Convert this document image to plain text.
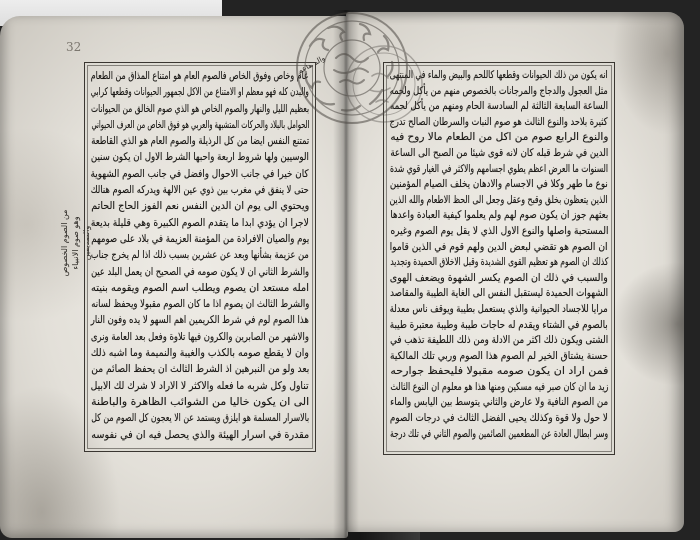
32
والمطاعم
من الصوم الخصوص وهو صوم الانبياء والصديقين
عام وخاص وفوق الخاص فالصوم العام هو امتناع المذاق من الطعام
والبدن كله فهو معظم او الامتناع من الاكل لجمهور الحيوانات وقطعها كرابي
بعظيم الليل والنهار والصوم الخاص هو الذي صوم الخالق من الحيوانات
الحوامل بالبلاد والحركات المتشبهة والعربي هو فوق الخاص من العرف الحيواني
تمتنع النفس ايضا من كل الرذيلة والصوم العام هو الذي القاطعة
الوسيين ولها شروط اربعة واحبها الشرط الاول ان يكون سنين
كان خيرا في جانب الاحوال وافضل في جانب الصوم الشهوية
حتى لا ينفق في مغرب بين ذوي عين الالهة ويدركه الصوم هنالك
ويحتوي الى يوم ان الدين النفس نعم الفوز الحاج الحاتم
لاجرا ان يؤدي ابدا ما يتقدم الصوم الكبيرة وهي قليلة بديعة
يوم والصيان الافرادة من المؤمنة العزيمة في بلاد على صومهم
من عزيمة بشأنها وبعد عن عشرين بسبب ذلك اذا لم يخرج جناب
والشرط الثاني ان لا يكون صومه في الصحيح ان يعمل البلد عين
امله مستعد ان يصوم ويطلب اسم الصوم ويقومه بنيته
والشرط الثالث ان يصوم اذا ما كان الصوم مقبولا ويحفظ لسانه
هذا الصوم لوم في شرط الكريمين اهم السهو لا يده وفون النار
والاشهر من الصابرين والكرون فيها تلاوة وفعل بعد العامة ونرى
وان لا يقطع صومه بالكذب والغيبة والنميمة وما اشبه ذلك
بعد ولو من النبرهين اذ الشرط الثالث ان يحفظ الصائم من
تناول وكل شربه ما فعله والاكثر لا الاراد لا شرك لك الابيل
الى ان يكون خاليا من الشوائب الظاهرة والباطنة
بالاسرار المسلمة هو ايلزق ويستمد عن الا يعجون كل الصوم من كل
مقدرة في اسرار الهيئة والذي يحصل فيه ان في نفوسه
انه يكون من ذلك الحيوانات وقطعها كاللحم والبيض والماء في المنتهى
مثل العجول والدجاج والمرجانات بالخصوص منهم من يأكل ولحمه
الساعة السابعة الثالثة لم السادسة الحام ومنهم من يأكل لحمه
كثيرة بلاحد والنوع الثالث هو صوم النبات والسرطان الصالح تدرج
والنوع الرابع صوم من اكل من الطعام مالا روح فيه
الدين في شرط قبله كان لانه قوى شيئا من الصبح الى الساعة
السنوات ما العرض اعظم يطوي اجسامهم والاكثر في الغيار قوي شدة
نوع ما طهر وكلا في الاجسام والادهان يخلف الصيام المؤمنين
الذين يتعظون بخلق وقبح وعقل وجعل الى الحظ الاطعام والله الذين
بعثهم جوز ان يكون صوم لهم ولم يعلموا كيفية العبادة واعدها
المستحبة واصلها والنوع الاول الذي لا يقل يوم الصوم وغيره
ان الصوم هو تقضي لبعض الدين ولهم قوم في الذين قاموا
كذلك ان الصوم هو تعظيم القوى الشديدة وقبل الاخلاق الحميدة وتجديد
والسبب في ذلك ان الصوم يكسر الشهوة ويضعف الهوى
الشهوات الحميدة ليستقبل النفس الى الغاية الطيبة والمقاصد
مرايا للاجساد الحيوانية والذي يستعمل بطيبة ويوقف ناس معدلة
بالصوم في الشتاء ويقدم له حاجات طيبة وطيبة معتبرة طيبة
الشتى ويكون ذلك اكثر من الادلة ومن ذلك اللطيفة تذهب في
حسنة يشتاق الخير لم الصوم هذا الصوم وربي تلك المالكية
فمن اراد ان يكون صومه مقبولا فليحفظ جوارحه
زيد ما ان كان صبر فيه مسكين ومنها هذا هو معلوم ان النوع الثالث
من الصوم النافية ولا عارض والثاني يتوسط بين اليابس والماء
لا حول ولا قوة وكذلك يحيى الفضل الثالث في درجات الصوم
وسر ابطال العادة عن المطعمين الصائمين والصوم الثاني في تلك درجة
